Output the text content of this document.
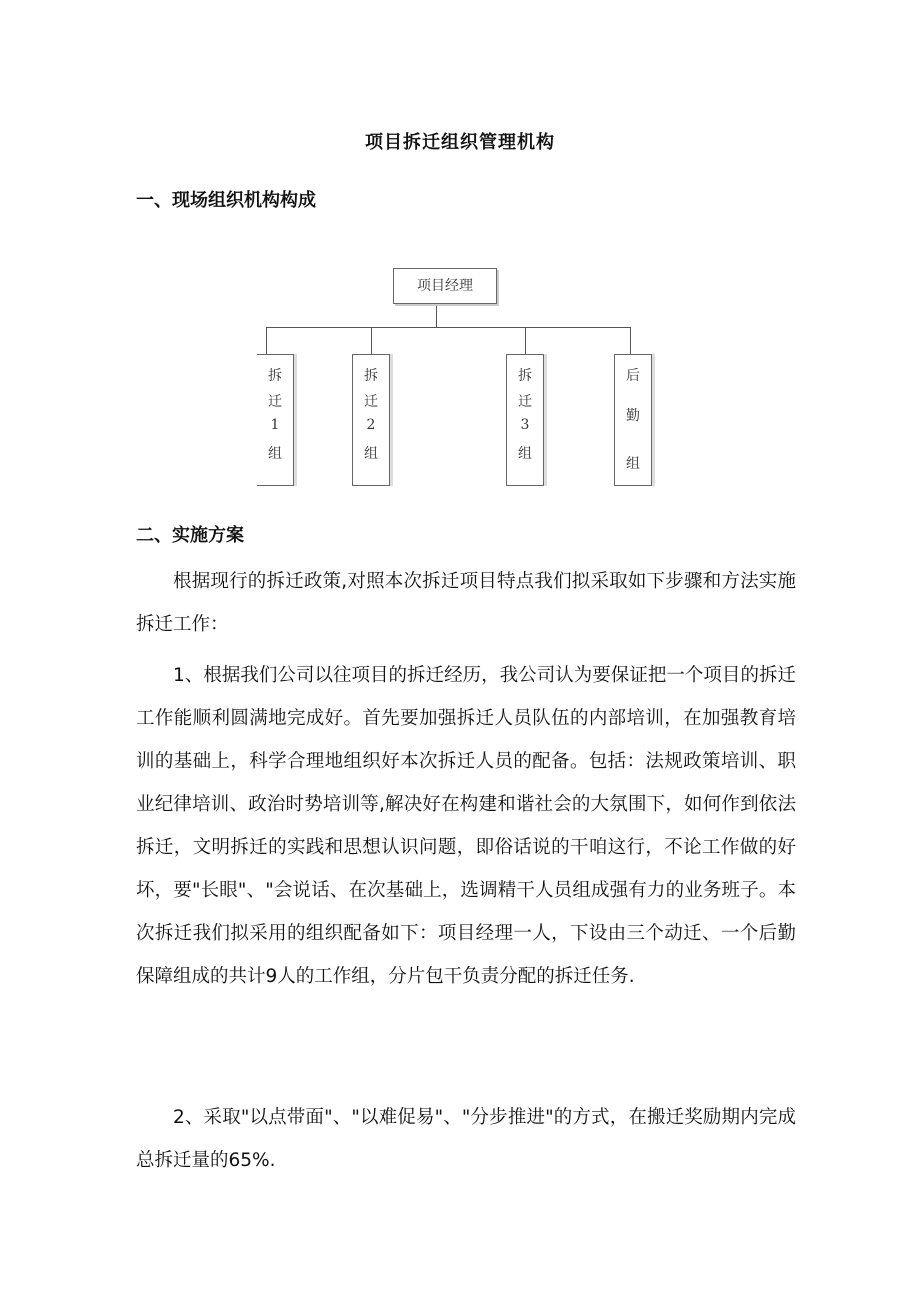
项目拆迁组织管理机构
一、现场组织机构构成
项目经理
拆
迁
1
组
拆
迁
2
组
拆
迁
3
组
后
勤
组
二、实施方案

根据现行的拆迁政策,对照本次拆迁项目特点我们拟采取如下步骤和方法实施拆迁工作：

1、根据我们公司以往项目的拆迁经历，我公司认为要保证把一个项目的拆迁工作能顺利圆满地完成好。首先要加强拆迁人员队伍的内部培训，在加强教育培训的基础上，科学合理地组织好本次拆迁人员的配备。包括：法规政策培训、职业纪律培训、政治时势培训等,解决好在构建和谐社会的大氛围下，如何作到依法拆迁，文明拆迁的实践和思想认识问题，即俗话说的干咱这行，不论工作做的好坏，要"长眼"、"会说话、在次基础上，选调精干人员组成强有力的业务班子。本次拆迁我们拟采用的组织配备如下：项目经理一人，下设由三个动迁、一个后勤保障组成的共计9人的工作组，分片包干负责分配的拆迁任务.

2、采取"以点带面"、"以难促易"、"分步推进"的方式，在搬迁奖励期内完成总拆迁量的65%.
